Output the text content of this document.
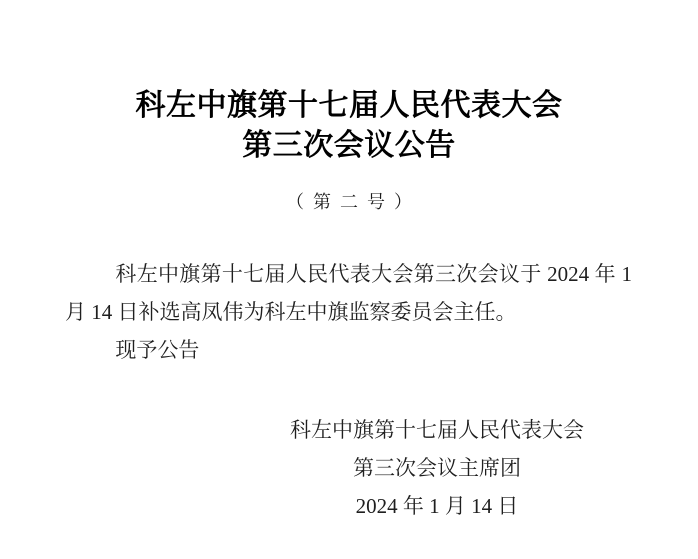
科左中旗第十七届人民代表大会
第三次会议公告
（第二号）

科左中旗第十七届人民代表大会第三次会议于 2024 年 1 月 14 日补选高凤伟为科左中旗监察委员会主任。

现予公告

科左中旗第十七届人民代表大会
第三次会议主席团
2024 年 1 月 14 日
